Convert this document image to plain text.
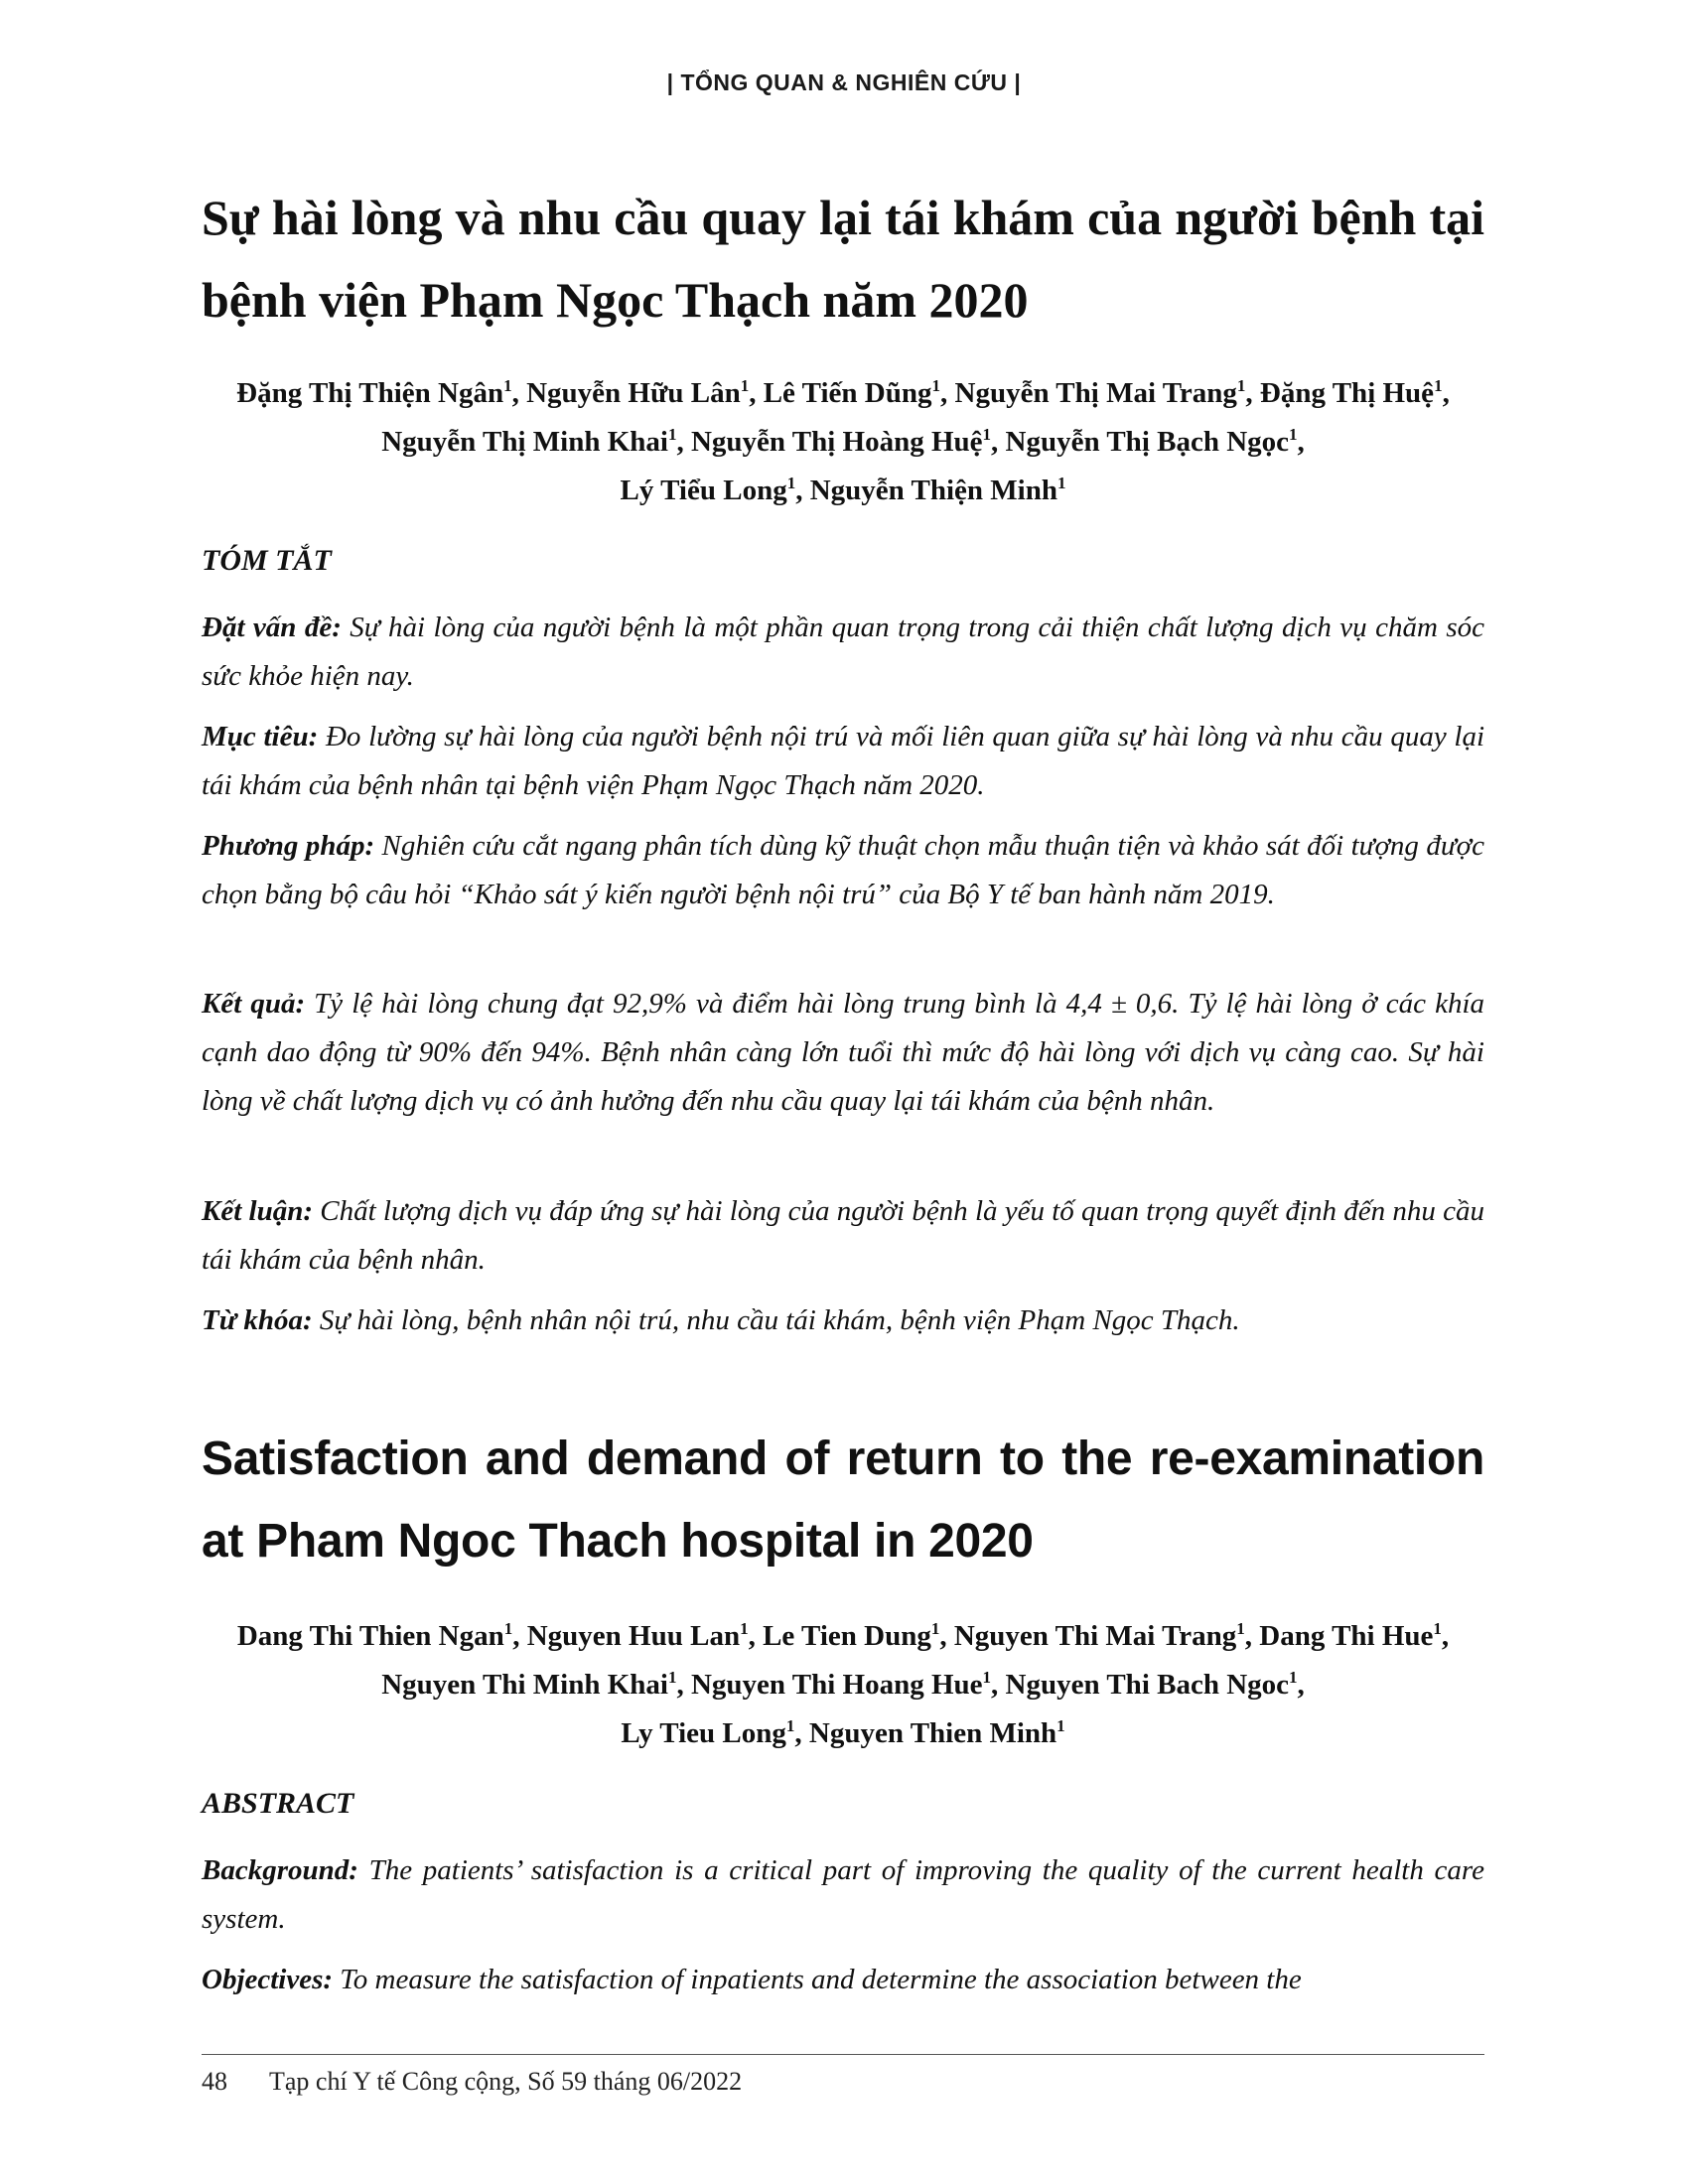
| TỔNG QUAN & NGHIÊN CỨU |
Sự hài lòng và nhu cầu quay lại tái khám của người bệnh tại bệnh viện Phạm Ngọc Thạch năm 2020

Đặng Thị Thiện Ngân$^1$, Nguyễn Hữu Lân$^1$, Lê Tiến Dũng$^1$, Nguyễn Thị Mai Trang$^1$, Đặng Thị Huệ$^1$, Nguyễn Thị Minh Khai$^1$, Nguyễn Thị Hoàng Huệ$^1$, Nguyễn Thị Bạch Ngọc$^1$,
Lý Tiểu Long$^1$, Nguyễn Thiện Minh$^1$

TÓM TẮT

Đặt vấn đề: Sự hài lòng của người bệnh là một phần quan trọng trong cải thiện chất lượng dịch vụ chăm sóc sức khỏe hiện nay.

Mục tiêu: Đo lường sự hài lòng của người bệnh nội trú và mối liên quan giữa sự hài lòng và nhu cầu quay lại tái khám của bệnh nhân tại bệnh viện Phạm Ngọc Thạch năm 2020.

Phương pháp: Nghiên cứu cắt ngang phân tích dùng kỹ thuật chọn mẫu thuận tiện và khảo sát đối tượng được chọn bằng bộ câu hỏi “Khảo sát ý kiến người bệnh nội trú” của Bộ Y tế ban hành năm 2019.

Kết quả: Tỷ lệ hài lòng chung đạt 92,9% và điểm hài lòng trung bình là 4,4 ± 0,6. Tỷ lệ hài lòng ở các khía cạnh dao động từ 90% đến 94%. Bệnh nhân càng lớn tuổi thì mức độ hài lòng với dịch vụ càng cao. Sự hài lòng về chất lượng dịch vụ có ảnh hưởng đến nhu cầu quay lại tái khám của bệnh nhân.

Kết luận: Chất lượng dịch vụ đáp ứng sự hài lòng của người bệnh là yếu tố quan trọng quyết định đến nhu cầu tái khám của bệnh nhân.

Từ khóa: Sự hài lòng, bệnh nhân nội trú, nhu cầu tái khám, bệnh viện Phạm Ngọc Thạch.

Satisfaction and demand of return to the re-examination at Pham Ngoc Thach hospital in 2020

Dang Thi Thien Ngan$^1$, Nguyen Huu Lan$^1$, Le Tien Dung$^1$, Nguyen Thi Mai Trang$^1$, Dang Thi Hue$^1$, Nguyen Thi Minh Khai$^1$, Nguyen Thi Hoang Hue$^1$, Nguyen Thi Bach Ngoc$^1$,
Ly Tieu Long$^1$, Nguyen Thien Minh$^1$

ABSTRACT

Background: The patients’ satisfaction is a critical part of improving the quality of the current health care system.

Objectives: To measure the satisfaction of inpatients and determine the association between the

48 Tạp chí Y tế Công cộng, Số 59 tháng 06/2022
